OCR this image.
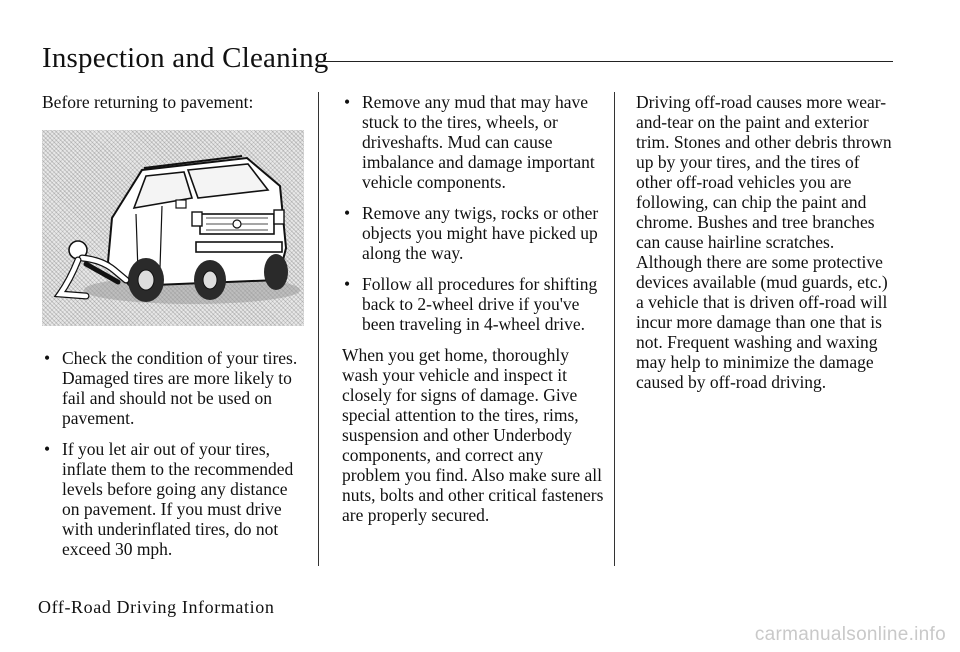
Inspection and Cleaning

Before returning to pavement:

• Check the condition of your tires. Damaged tires are more likely to fail and should not be used on pavement.
• If you let air out of your tires, inflate them to the recommended levels before going any distance on pavement. If you must drive with underinflated tires, do not exceed 30 mph.
• Remove any mud that may have stuck to the tires, wheels, or driveshafts. Mud can cause imbalance and damage important vehicle components.
• Remove any twigs, rocks or other objects you might have picked up along the way.
• Follow all procedures for shifting back to 2-wheel drive if you've been traveling in 4-wheel drive.

When you get home, thoroughly wash your vehicle and inspect it closely for signs of damage. Give special attention to the tires, rims, suspension and other Underbody components, and correct any problem you find. Also make sure all nuts, bolts and other critical fasteners are properly secured.

Driving off-road causes more wear-and-tear on the paint and exterior trim. Stones and other debris thrown up by your tires, and the tires of other off-road vehicles you are following, can chip the paint and chrome. Bushes and tree branches can cause hairline scratches. Although there are some protective devices available (mud guards, etc.) a vehicle that is driven off-road will incur more damage than one that is not. Frequent washing and waxing may help to minimize the damage caused by off-road driving.

Off-Road Driving Information
carmanualsonline.info
